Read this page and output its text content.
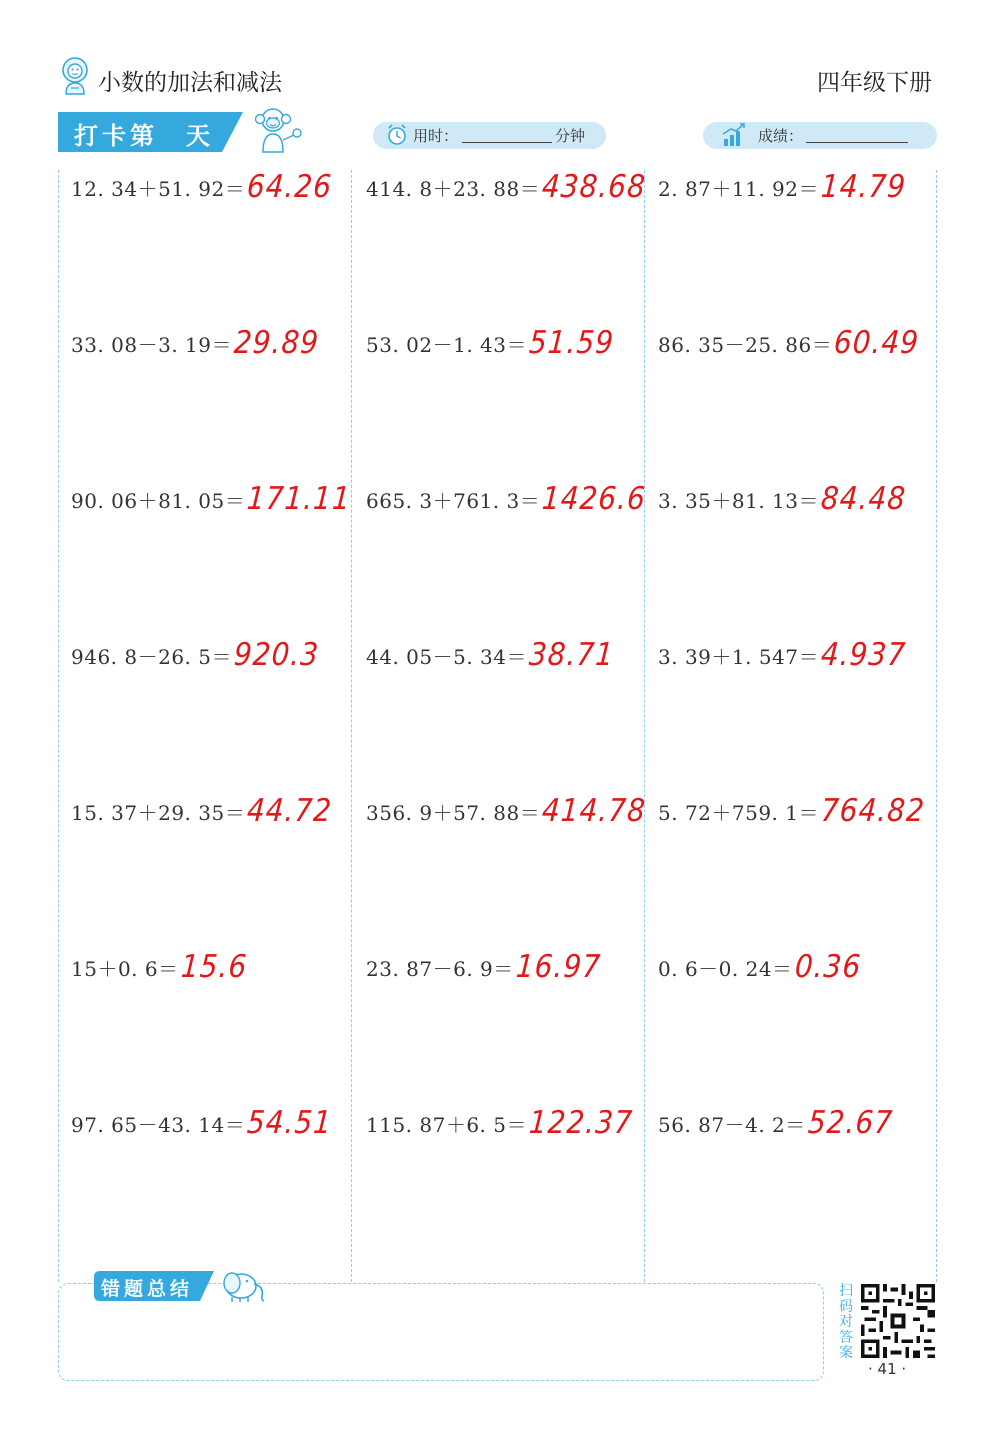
小数的加法和减法	四年级下册
打卡第　天	用时：	分钟	成绩：
12. 34＋51. 92＝64.26
33. 08－3. 19＝29.89
90. 06＋81. 05＝171.11
946. 8－26. 5＝920.3
15. 37＋29. 35＝44.72
15＋0. 6＝15.6
97. 65－43. 14＝54.51
414. 8＋23. 88＝438.68
53. 02－1. 43＝51.59
665. 3＋761. 3＝1426.6
44. 05－5. 34＝38.71
356. 9＋57. 88＝414.78
23. 87－6. 9＝16.97
115. 87＋6. 5＝122.37
2. 87＋11. 92＝14.79
86. 35－25. 86＝60.49
3. 35＋81. 13＝84.48
3. 39＋1. 547＝4.937
5. 72＋759. 1＝764.82
0. 6－0. 24＝0.36
56. 87－4. 2＝52.67
错题总结	扫码对答案
· 41 ·
